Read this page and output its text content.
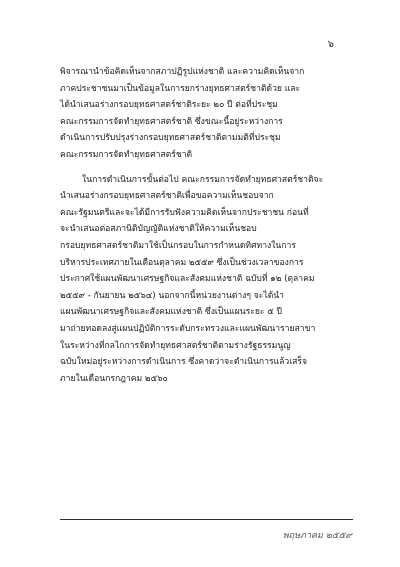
๖

พิจารณานำข้อคิดเห็นจากสภาปฏิรูปแห่งชาติ และความคิดเห็นจาก
ภาคประชาชนมาเป็นข้อมูลในการยกร่างยุทธศาสตร์ชาติด้วย และ
ได้นำเสนอร่างกรอบยุทธศาสตร์ชาติระยะ ๒๐ ปี ต่อที่ประชุม
คณะกรรมการจัดทำยุทธศาสตร์ชาติ ซึ่งขณะนี้อยู่ระหว่างการ
ดำเนินการปรับปรุงร่างกรอบยุทธศาสตร์ชาติตามมติที่ประชุม
คณะกรรมการจัดทำยุทธศาสตร์ชาติ

ในการดำเนินการขั้นต่อไป คณะกรรมการจัดทำยุทธศาสตร์ชาติจะ
นำเสนอร่างกรอบยุทธศาสตร์ชาติเพื่อขอความเห็นชอบจาก
คณะรัฐมนตรีและจะได้มีการรับฟังความคิดเห็นจากประชาชน ก่อนที่
จะนำเสนอต่อสภานิติบัญญัติแห่งชาติให้ความเห็นชอบ
กรอบยุทธศาสตร์ชาติมาใช้เป็นกรอบในการกำหนดทิศทางในการ
บริหารประเทศภายในเดือนตุลาคม ๒๕๕๙ ซึ่งเป็นช่วงเวลาของการ
ประกาศใช้แผนพัฒนาเศรษฐกิจและสังคมแห่งชาติ ฉบับที่ ๑๒ (ตุลาคม
๒๕๕๙ - กันยายน ๒๕๖๔) นอกจากนี้หน่วยงานต่างๆ จะได้นำ
แผนพัฒนาเศรษฐกิจและสังคมแห่งชาติ ซึ่งเป็นแผนระยะ ๕ ปี
มาถ่ายทอดลงสู่แผนปฏิบัติการระดับกระทรวงและแผนพัฒนารายสาขา
ในระหว่างที่กลไกการจัดทำยุทธศาสตร์ชาติตามร่างรัฐธรรมนูญ
ฉบับใหม่อยู่ระหว่างการดำเนินการ ซึ่งคาดว่าจะดำเนินการแล้วเสร็จ
ภายในเดือนกรกฎาคม ๒๕๖๐

พฤษภาคม ๒๕๕๙
